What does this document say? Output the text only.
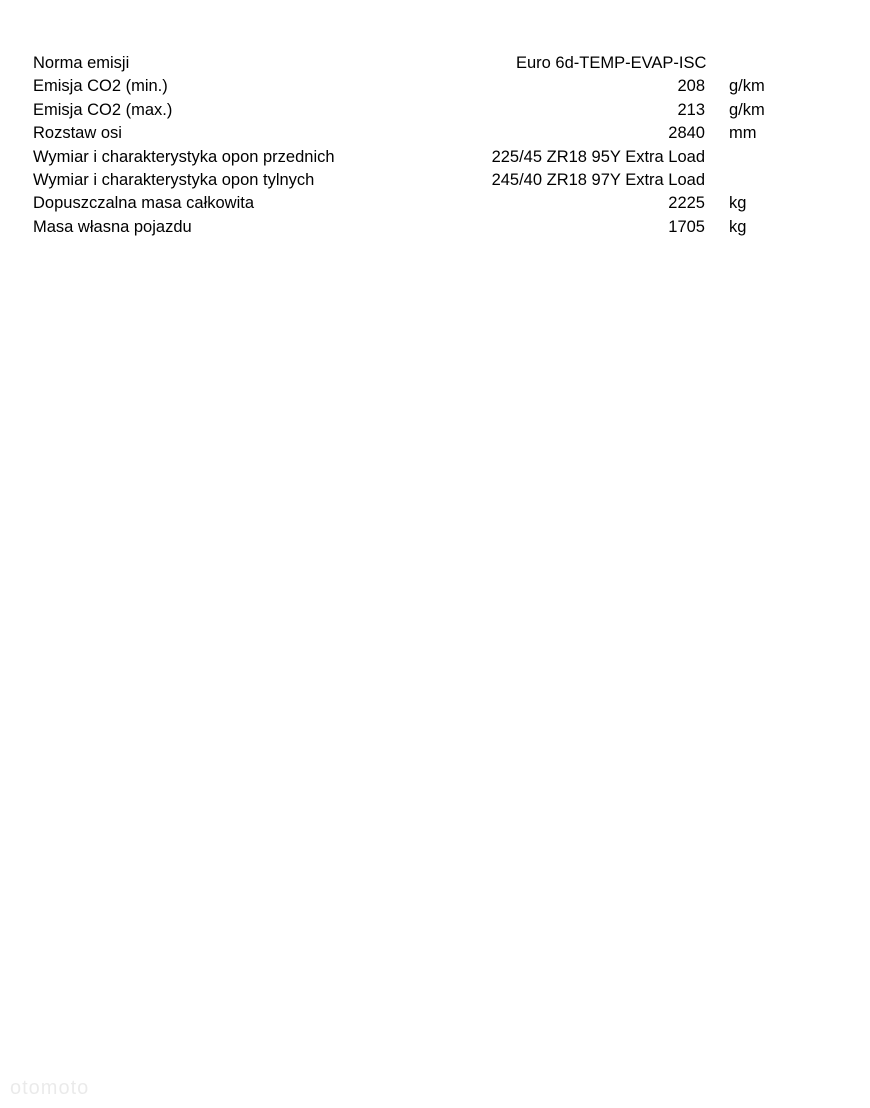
Norma emisji	Euro 6d-TEMP-EVAP-ISC
Emisja CO2 (min.)	208	g/km
Emisja CO2 (max.)	213	g/km
Rozstaw osi	2840	mm
Wymiar i charakterystyka opon przednich	225/45 ZR18 95Y Extra Load
Wymiar i charakterystyka opon tylnych	245/40 ZR18 97Y Extra Load
Dopuszczalna masa całkowita	2225	kg
Masa własna pojazdu	1705	kg
otomoto
